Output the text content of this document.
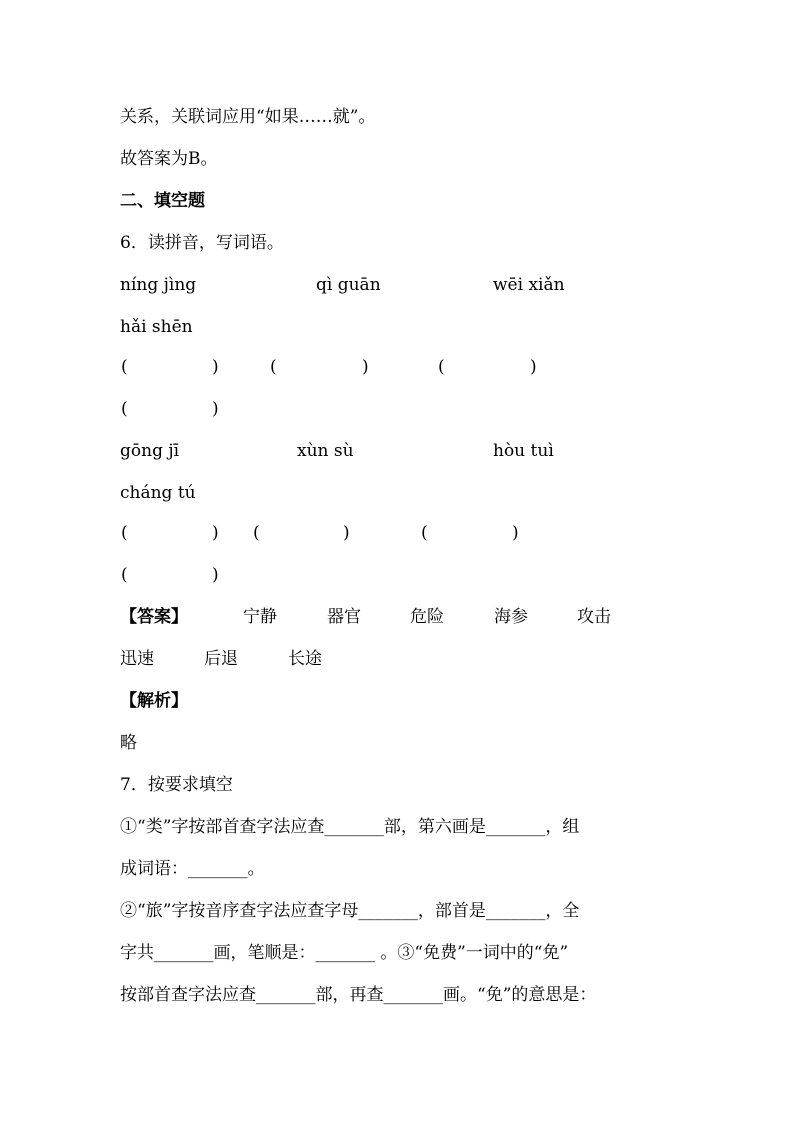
关系，关联词应用“如果……就”。
故答案为B。
二、填空题
6．读拼音，写词语。
níng jìng	qì guān	wēi xiǎn
hǎi shēn
(	)	(	)	(	)
(	)
gōng jī	xùn sù	hòu tuì
cháng tú
(	) (	)	(	)
(	)
【答案】	宁静	器官	危险	海参	攻击
迅速	后退	长途
【解析】
略
7．按要求填空
①“类”字按部首查字法应查_______部，第六画是_______，组
成词语：_______。
②“旅”字按音序查字法应查字母_______，部首是_______，全
字共_______画，笔顺是：_______ 。③“免费”一词中的“免”
按部首查字法应查_______部，再查_______画。“免”的意思是：
